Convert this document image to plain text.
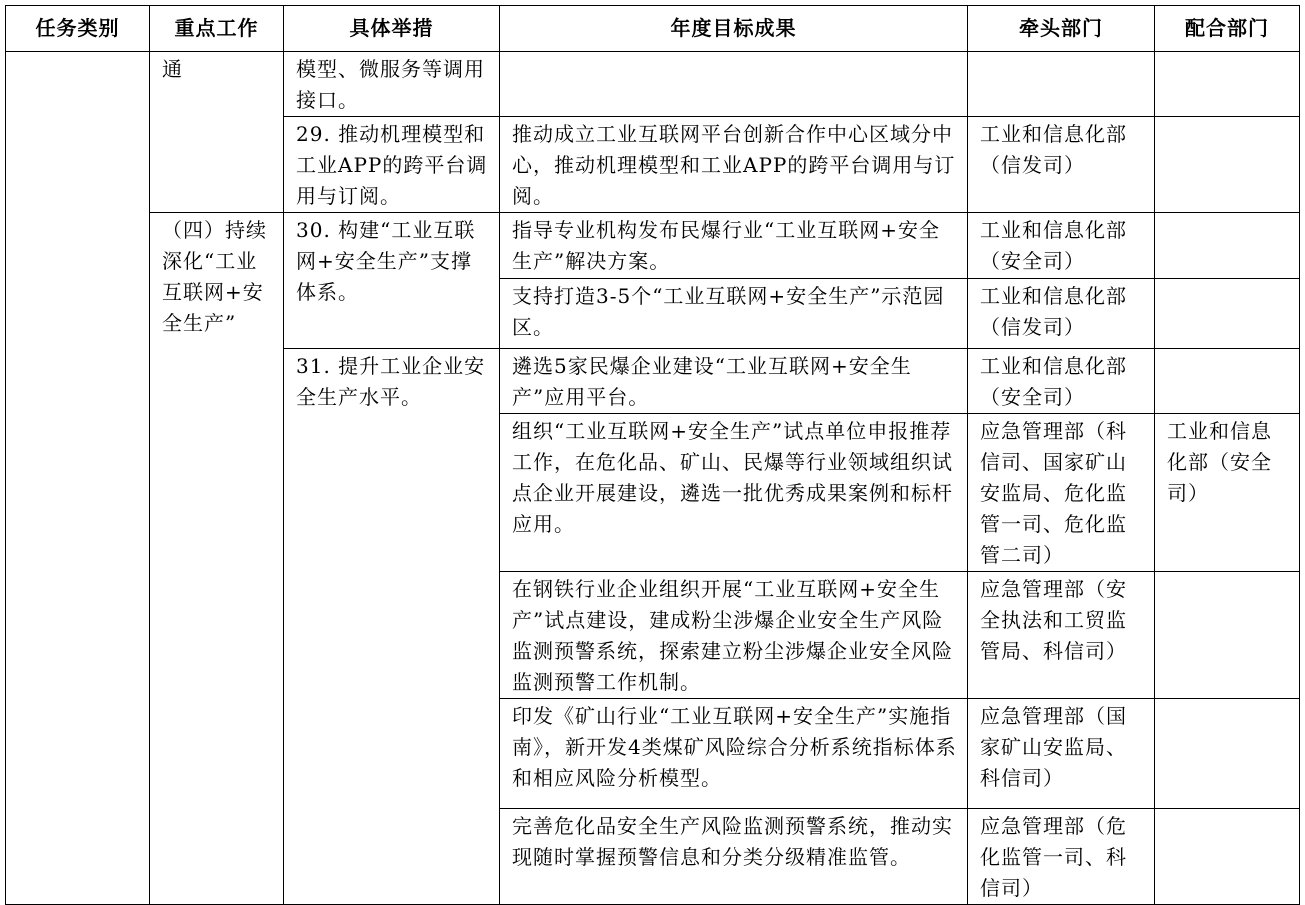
任务类别	重点工作	具体举措	年度目标成果	牵头部门	配合部门
	通	模型、微服务等调用接口。			
		29. 推动机理模型和工业APP的跨平台调用与订阅。	推动成立工业互联网平台创新合作中心区域分中心，推动机理模型和工业APP的跨平台调用与订阅。	工业和信息化部（信发司）	
	（四）持续深化“工业互联网+安全生产”	30. 构建“工业互联网+安全生产”支撑体系。	指导专业机构发布民爆行业“工业互联网+安全生产”解决方案。	工业和信息化部（安全司）	
			支持打造3-5个“工业互联网+安全生产”示范园区。	工业和信息化部（信发司）	
		31. 提升工业企业安全生产水平。	遴选5家民爆企业建设“工业互联网+安全生产”应用平台。	工业和信息化部（安全司）	
			组织“工业互联网+安全生产”试点单位申报推荐工作，在危化品、矿山、民爆等行业领域组织试点企业开展建设，遴选一批优秀成果案例和标杆应用。	应急管理部（科信司、国家矿山安监局、危化监管一司、危化监管二司）	工业和信息化部（安全司）
			在钢铁行业企业组织开展“工业互联网+安全生产”试点建设，建成粉尘涉爆企业安全生产风险监测预警系统，探索建立粉尘涉爆企业安全风险监测预警工作机制。	应急管理部（安全执法和工贸监管局、科信司）	
			印发《矿山行业“工业互联网+安全生产”实施指南》，新开发4类煤矿风险综合分析系统指标体系和相应风险分析模型。	应急管理部（国家矿山安监局、科信司）	
			完善危化品安全生产风险监测预警系统，推动实现随时掌握预警信息和分类分级精准监管。	应急管理部（危化监管一司、科信司）	
